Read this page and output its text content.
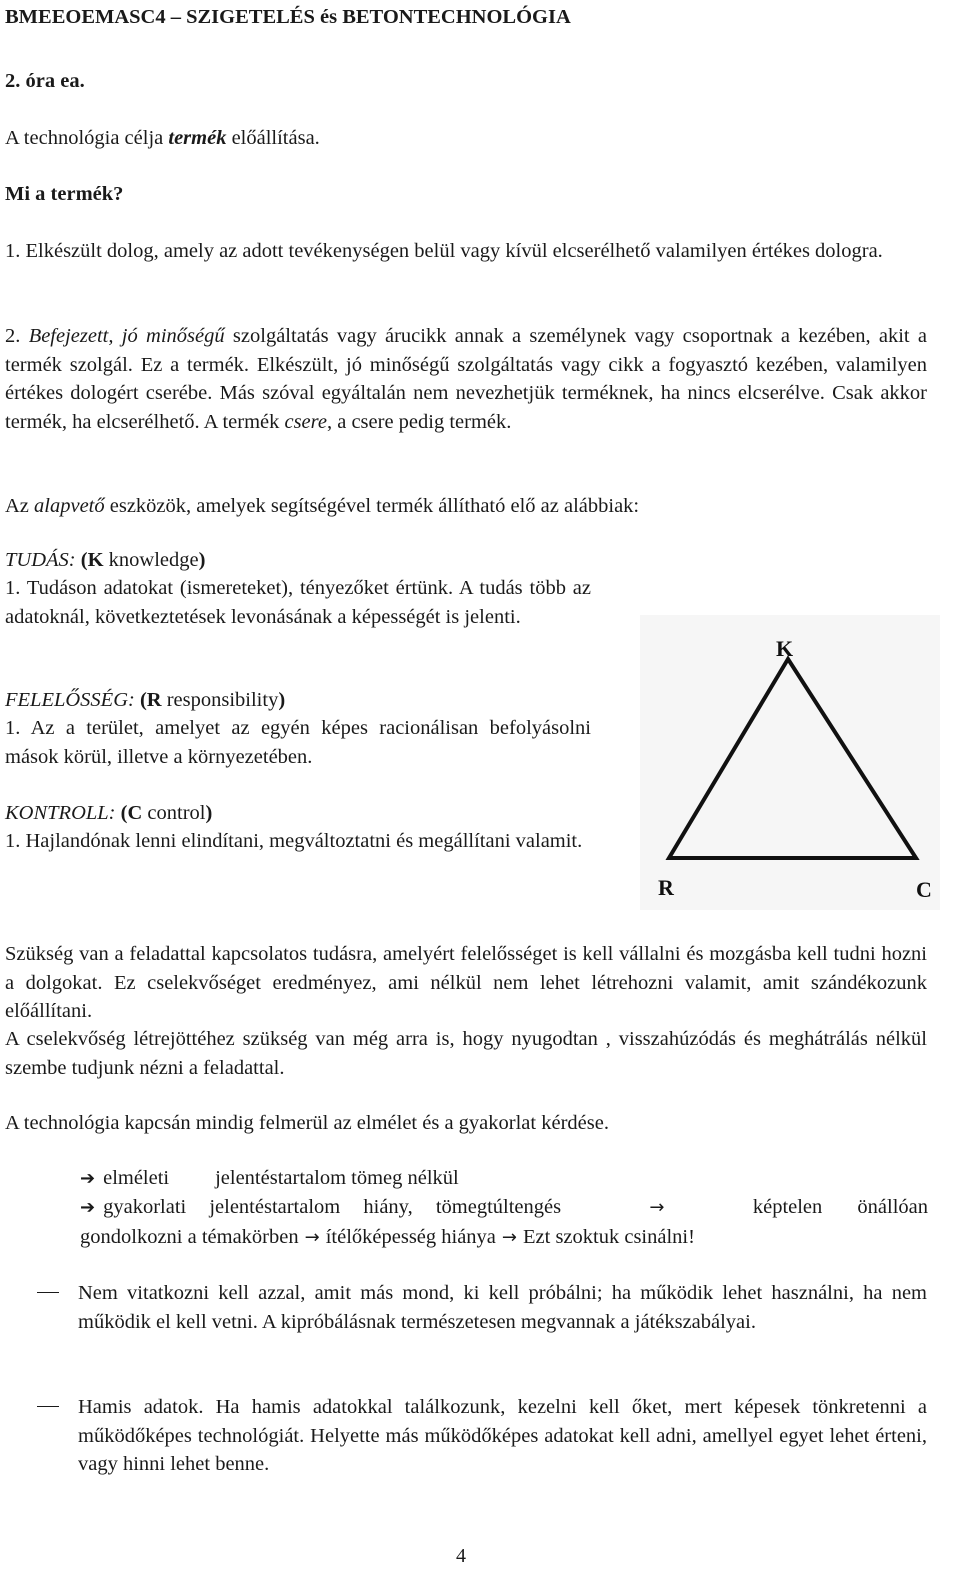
BMEEOEMASC4 – SZIGETELÉS és BETONTECHNOLÓGIA

2. óra ea.

A technológia célja termék előállítása.

Mi a termék?

1. Elkészült dolog, amely az adott tevékenységen belül vagy kívül elcserélhető valamilyen értékes dologra.

2. Befejezett, jó minőségű szolgáltatás vagy árucikk annak a személynek vagy csoportnak a kezében, akit a termék szolgál. Ez a termék. Elkészült, jó minőségű szolgáltatás vagy cikk a fogyasztó kezében, valamilyen értékes dologért cserébe. Más szóval egyáltalán nem nevezhetjük terméknek, ha nincs elcserélve. Csak akkor termék, ha elcserélhető. A termék csere, a csere pedig termék.

Az alapvető eszközök, amelyek segítségével termék állítható elő az alábbiak:

TUDÁS: (K knowledge)

1. Tudáson adatokat (ismereteket), tényezőket értünk. A tudás több az adatoknál, következtetések levonásának a képességét is jelenti.

FELELŐSSÉG: (R responsibility)

1. Az a terület, amelyet az egyén képes racionálisan befolyásolni mások körül, illetve a környezetében.

KONTROLL: (C control)

1. Hajlandónak lenni elindítani, megváltoztatni és megállítani valamit.

Szükség van a feladattal kapcsolatos tudásra, amelyért felelősséget is kell vállalni és mozgásba kell tudni hozni a dolgokat. Ez cselekvőséget eredményez, ami nélkül nem lehet létrehozni valamit, amit szándékozunk előállítani.

A cselekvőség létrejöttéhez szükség van még arra is, hogy nyugodtan , visszahúzódás és meghátrálás nélkül szembe tudjunk nézni a feladattal.

A technológia kapcsán mindig felmerül az elmélet és a gyakorlat kérdése.

➔ elméleti	jelentéstartalom tömeg nélkül
➔ gyakorlati jelentéstartalom hiány, tömegtúltengés	→	képtelen önállóan
gondolkozni a témakörben → ítélőképesség hiánya → Ezt szoktuk csinálni!

Nem vitatkozni kell azzal, amit más mond, ki kell próbálni; ha működik lehet használni, ha nem működik el kell vetni. A kipróbálásnak természetesen megvannak a játékszabályai.

Hamis adatok. Ha hamis adatokkal találkozunk, kezelni kell őket, mert képesek tönkretenni a működőképes technológiát. Helyette más működőképes adatokat kell adni, amellyel egyet lehet érteni, vagy hinni lehet benne.

K
R	C
4
